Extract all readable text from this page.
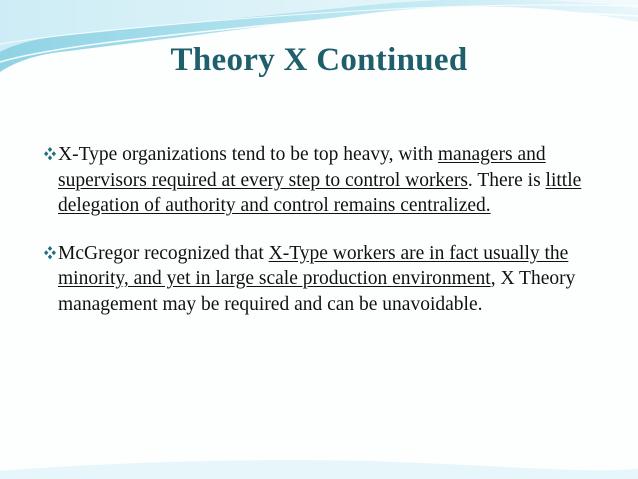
Theory X Continued
X-Type organizations tend to be top heavy, with managers and supervisors required at every step to control workers. There is little delegation of authority and control remains centralized.
McGregor recognized that X-Type workers are in fact usually the minority, and yet in large scale production environment, X Theory management may be required and can be unavoidable.
